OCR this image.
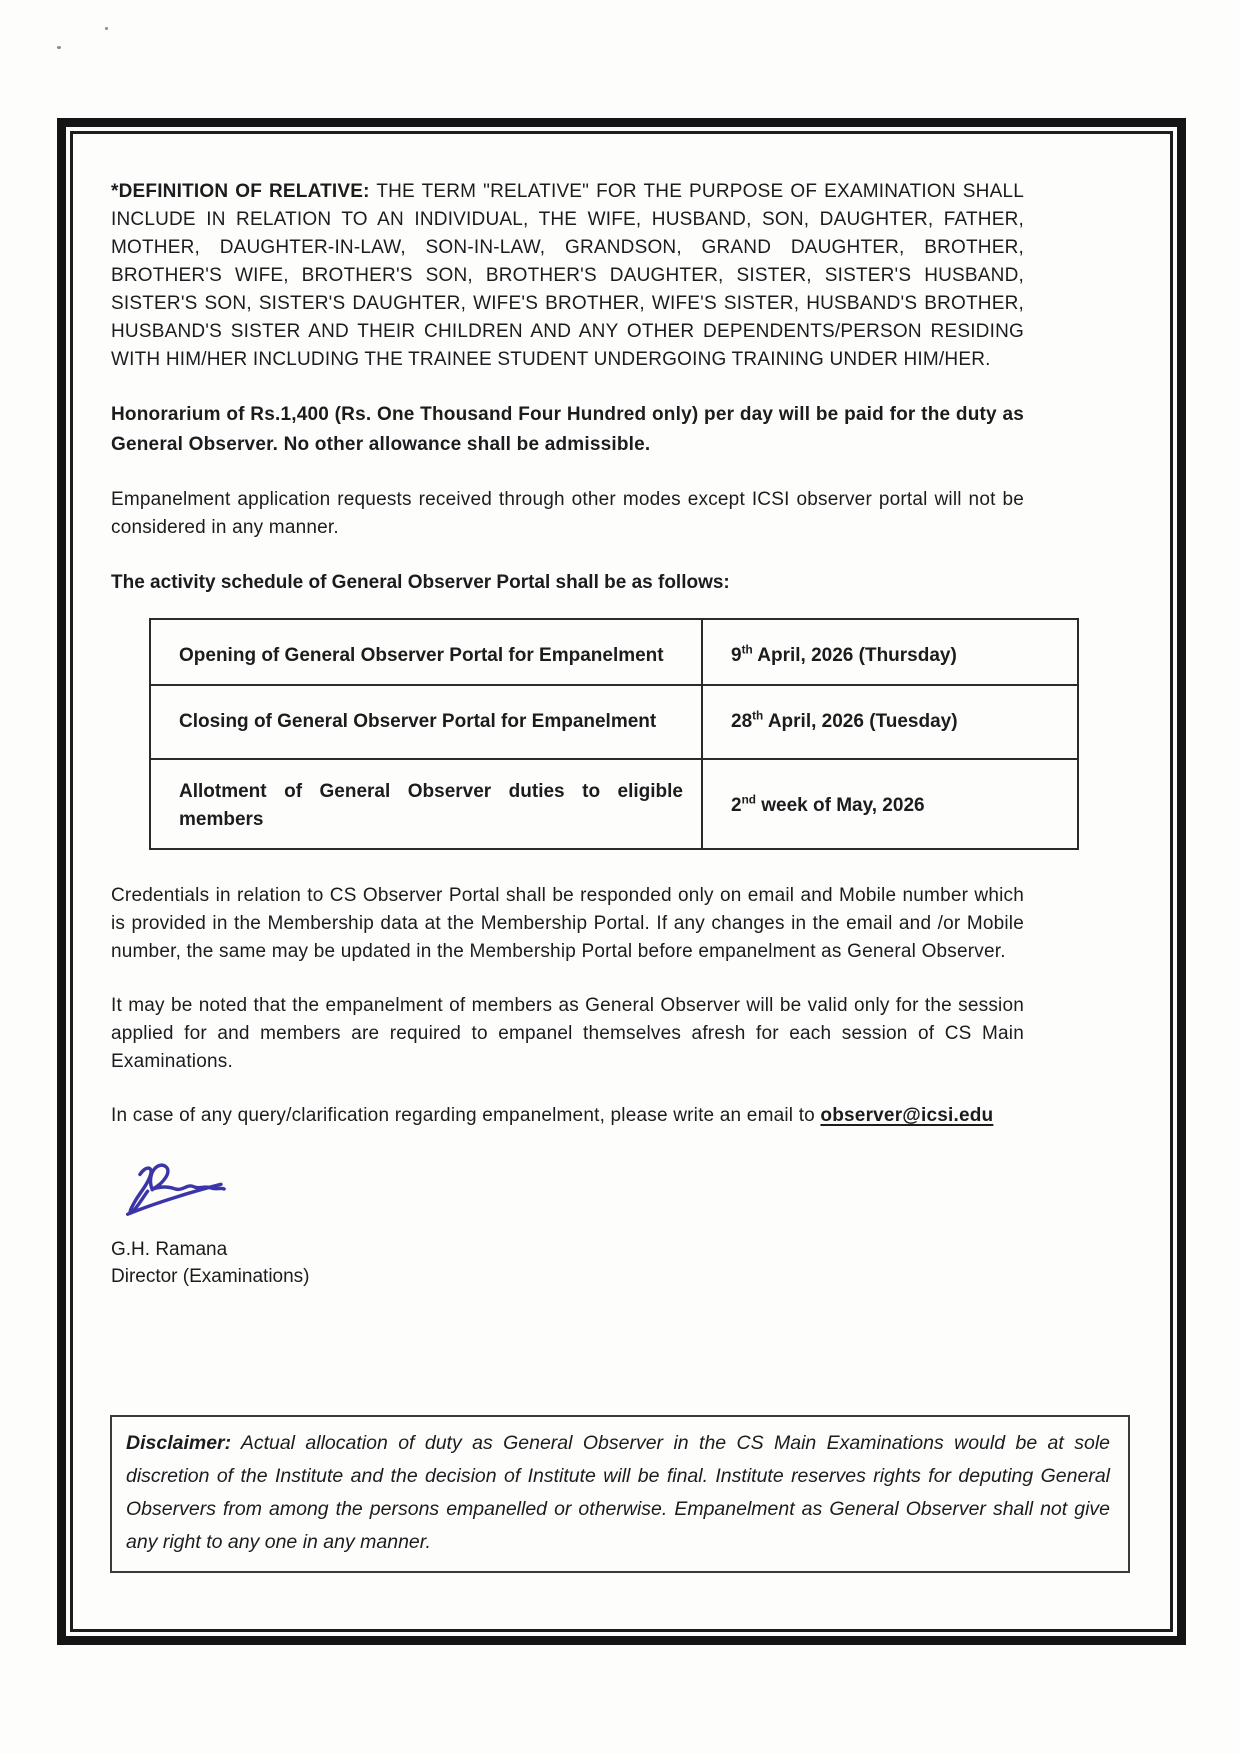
*DEFINITION OF RELATIVE: THE TERM "RELATIVE" FOR THE PURPOSE OF EXAMINATION SHALL INCLUDE IN RELATION TO AN INDIVIDUAL, THE WIFE, HUSBAND, SON, DAUGHTER, FATHER, MOTHER, DAUGHTER-IN-LAW, SON-IN-LAW, GRANDSON, GRAND DAUGHTER, BROTHER, BROTHER'S WIFE, BROTHER'S SON, BROTHER'S DAUGHTER, SISTER, SISTER'S HUSBAND, SISTER'S SON, SISTER'S DAUGHTER, WIFE'S BROTHER, WIFE'S SISTER, HUSBAND'S BROTHER, HUSBAND'S SISTER AND THEIR CHILDREN AND ANY OTHER DEPENDENTS/PERSON RESIDING WITH HIM/HER INCLUDING THE TRAINEE STUDENT UNDERGOING TRAINING UNDER HIM/HER.

Honorarium of Rs.1,400 (Rs. One Thousand Four Hundred only) per day will be paid for the duty as General Observer. No other allowance shall be admissible.

Empanelment application requests received through other modes except ICSI observer portal will not be considered in any manner.

The activity schedule of General Observer Portal shall be as follows:

Opening of General Observer Portal for Empanelment	9th April, 2026 (Thursday)
Closing of General Observer Portal for Empanelment	28th April, 2026 (Tuesday)
Allotment of General Observer duties to eligible members	2nd week of May, 2026

Credentials in relation to CS Observer Portal shall be responded only on email and Mobile number which is provided in the Membership data at the Membership Portal. If any changes in the email and /or Mobile number, the same may be updated in the Membership Portal before empanelment as General Observer.

It may be noted that the empanelment of members as General Observer will be valid only for the session applied for and members are required to empanel themselves afresh for each session of CS Main Examinations.

In case of any query/clarification regarding empanelment, please write an email to observer@icsi.edu

G.H. Ramana
Director (Examinations)
Disclaimer: Actual allocation of duty as General Observer in the CS Main Examinations would be at sole discretion of the Institute and the decision of Institute will be final. Institute reserves rights for deputing General Observers from among the persons empanelled or otherwise. Empanelment as General Observer shall not give any right to any one in any manner.
